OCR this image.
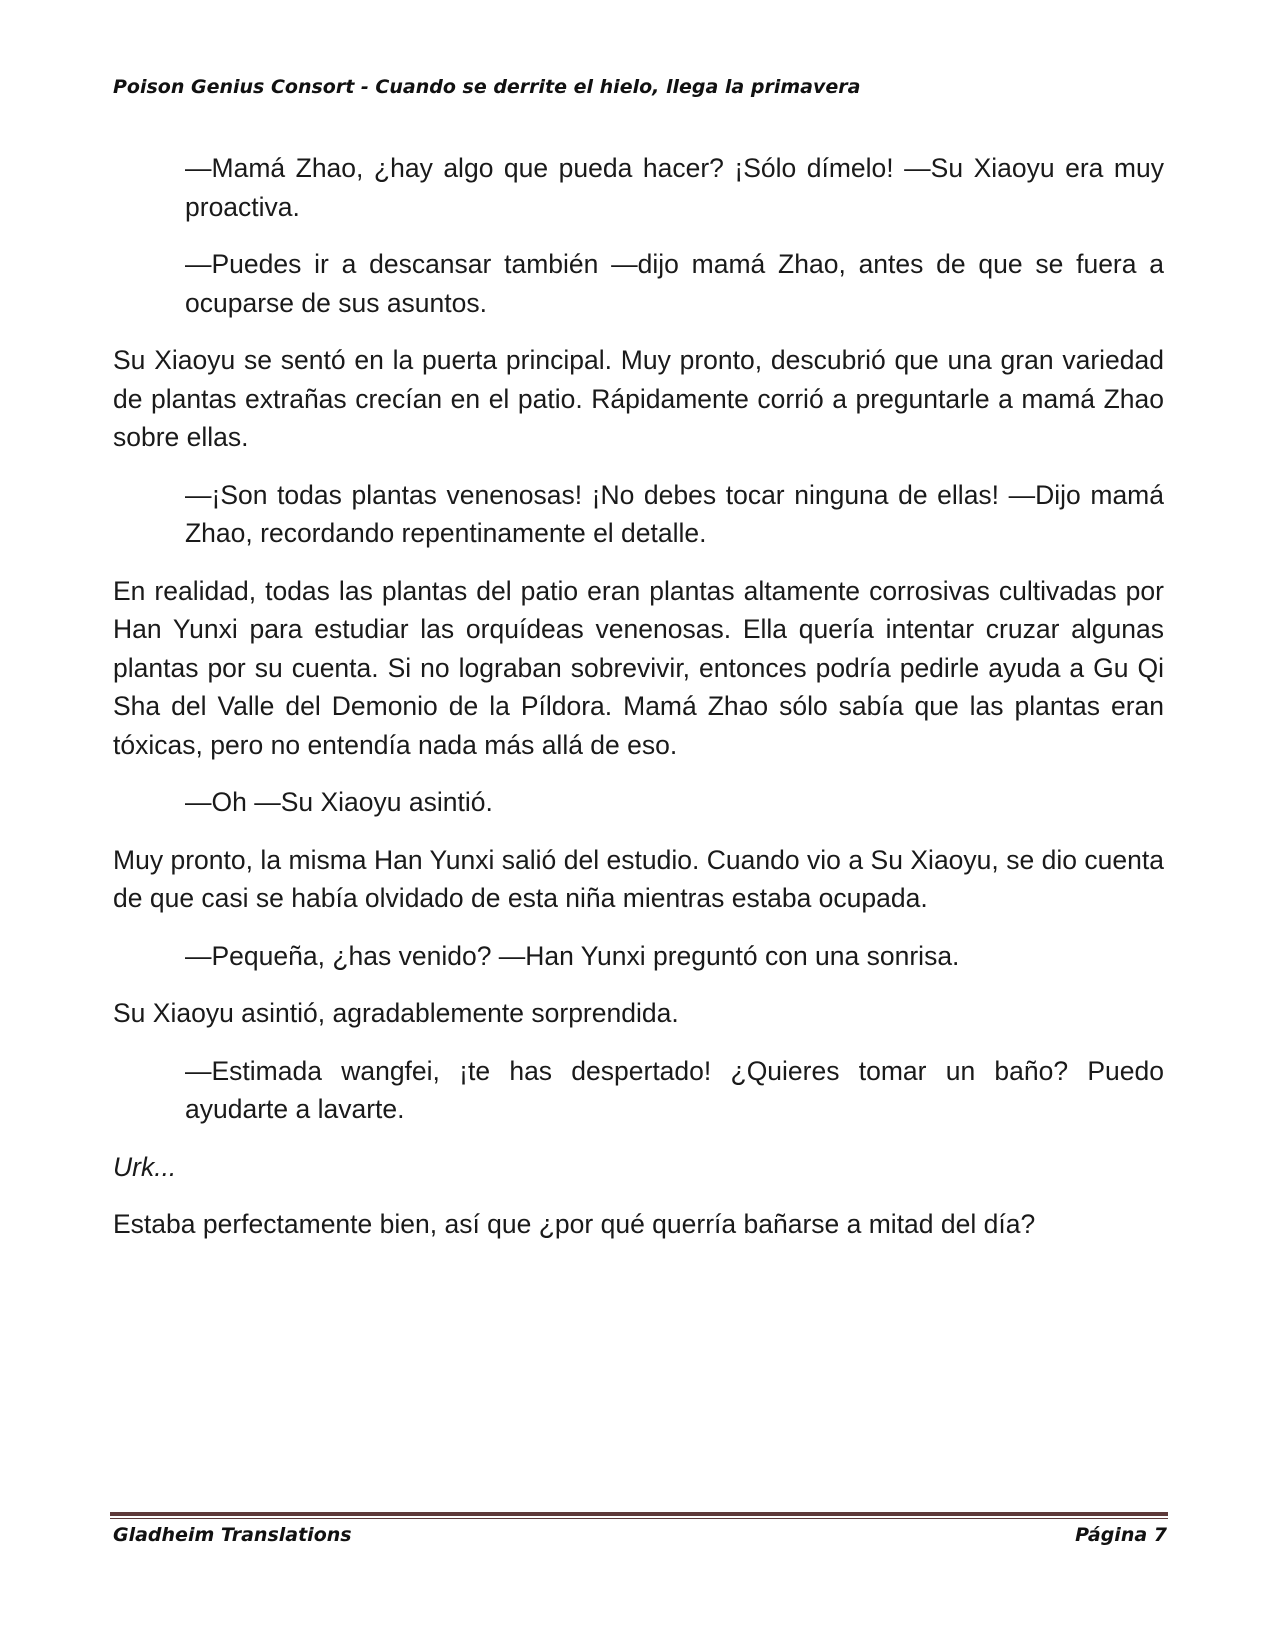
Poison Genius Consort - Cuando se derrite el hielo, llega la primavera

—Mamá Zhao, ¿hay algo que pueda hacer? ¡Sólo dímelo! —Su Xiaoyu era muy proactiva.

—Puedes ir a descansar también —dijo mamá Zhao, antes de que se fuera a ocuparse de sus asuntos.

Su Xiaoyu se sentó en la puerta principal. Muy pronto, descubrió que una gran variedad de plantas extrañas crecían en el patio. Rápidamente corrió a preguntarle a mamá Zhao sobre ellas.

—¡Son todas plantas venenosas! ¡No debes tocar ninguna de ellas! —Dijo mamá Zhao, recordando repentinamente el detalle.

En realidad, todas las plantas del patio eran plantas altamente corrosivas cultivadas por Han Yunxi para estudiar las orquídeas venenosas. Ella quería intentar cruzar algunas plantas por su cuenta. Si no lograban sobrevivir, entonces podría pedirle ayuda a Gu Qi Sha del Valle del Demonio de la Píldora. Mamá Zhao sólo sabía que las plantas eran tóxicas, pero no entendía nada más allá de eso.

—Oh —Su Xiaoyu asintió.

Muy pronto, la misma Han Yunxi salió del estudio. Cuando vio a Su Xiaoyu, se dio cuenta de que casi se había olvidado de esta niña mientras estaba ocupada.

—Pequeña, ¿has venido? —Han Yunxi preguntó con una sonrisa.

Su Xiaoyu asintió, agradablemente sorprendida.

—Estimada wangfei, ¡te has despertado! ¿Quieres tomar un baño? Puedo ayudarte a lavarte.

Urk...

Estaba perfectamente bien, así que ¿por qué querría bañarse a mitad del día?

Gladheim Translations	Página 7
